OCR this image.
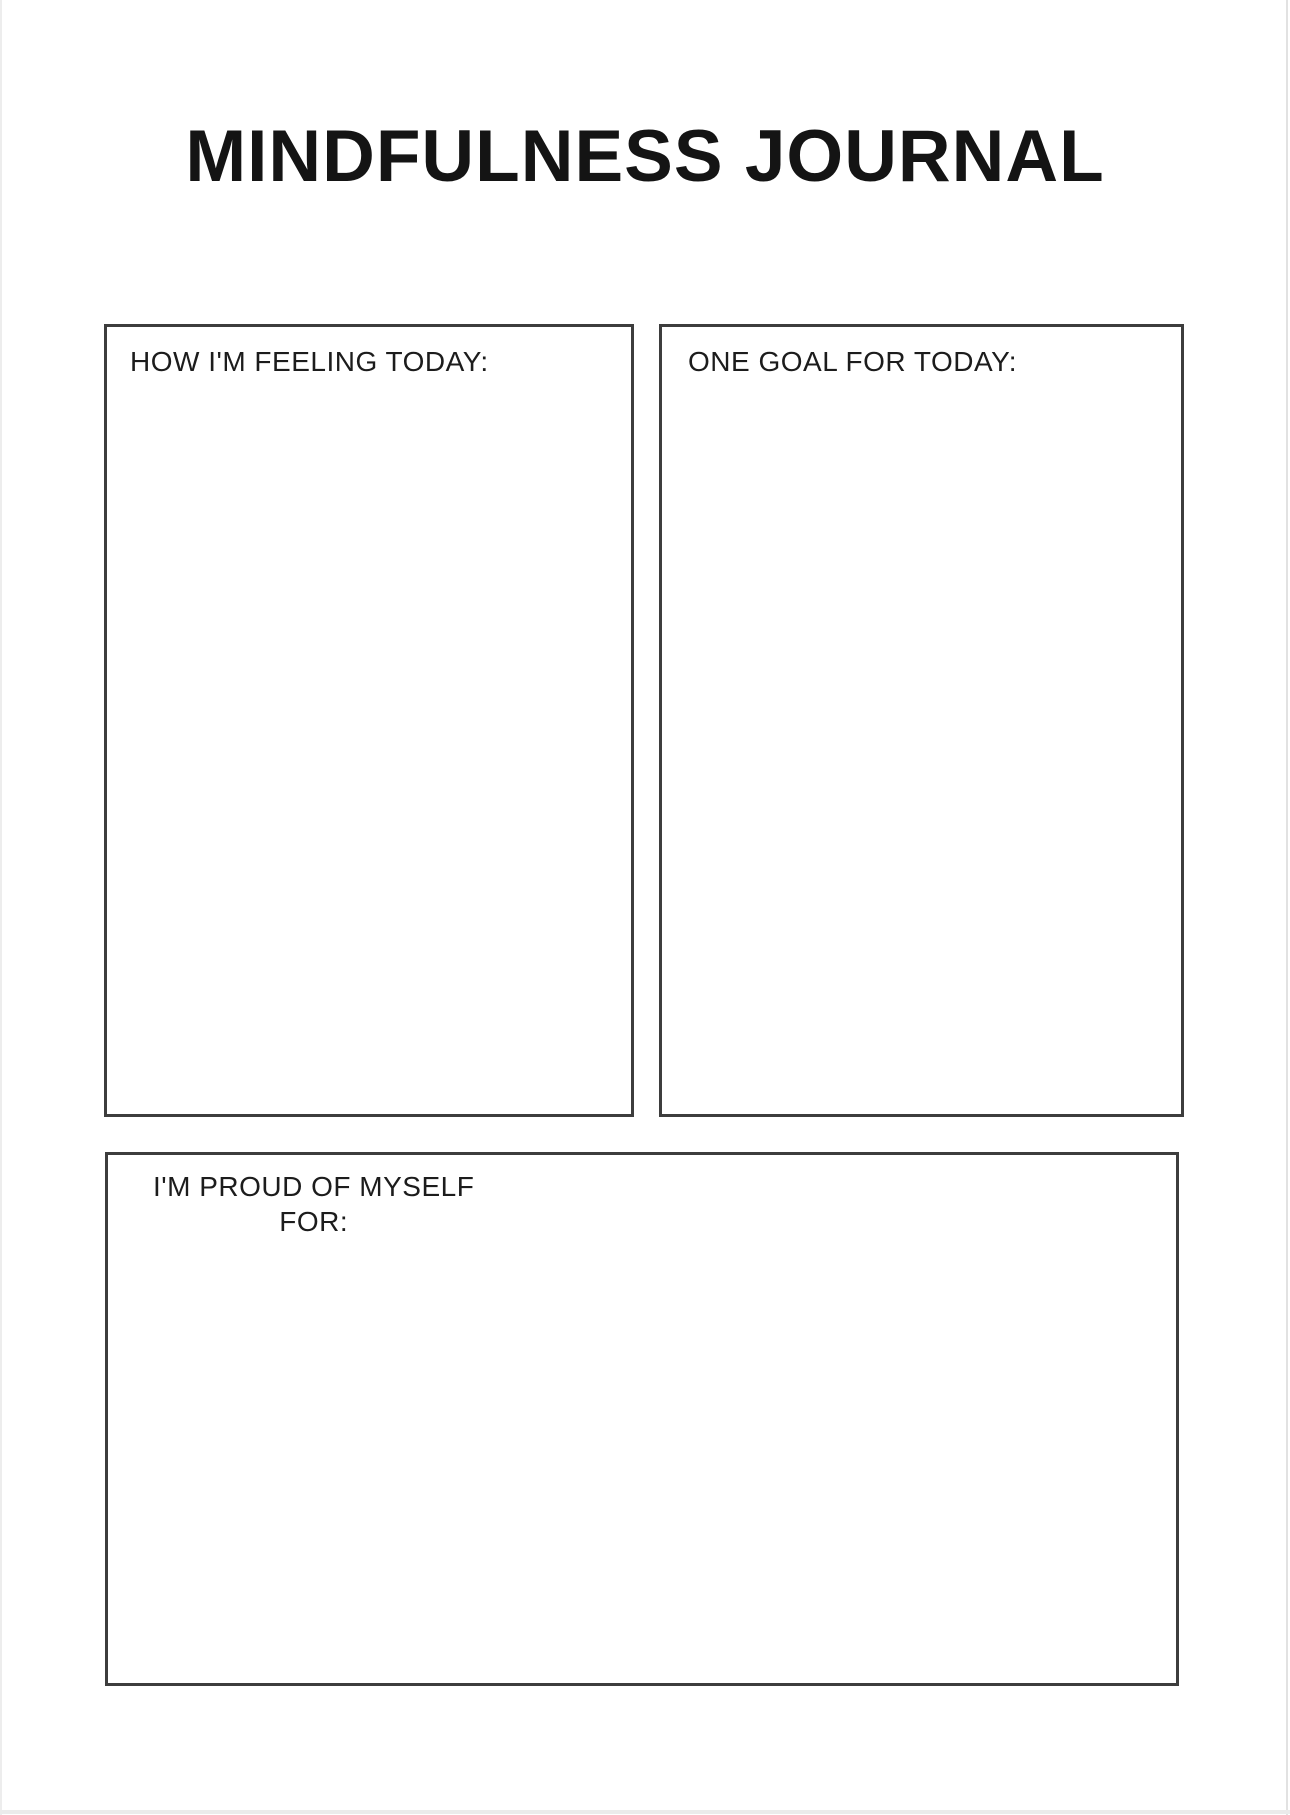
MINDFULNESS JOURNAL
HOW I'M FEELING TODAY:	ONE GOAL FOR TODAY:
I'M PROUD OF MYSELF
FOR:
